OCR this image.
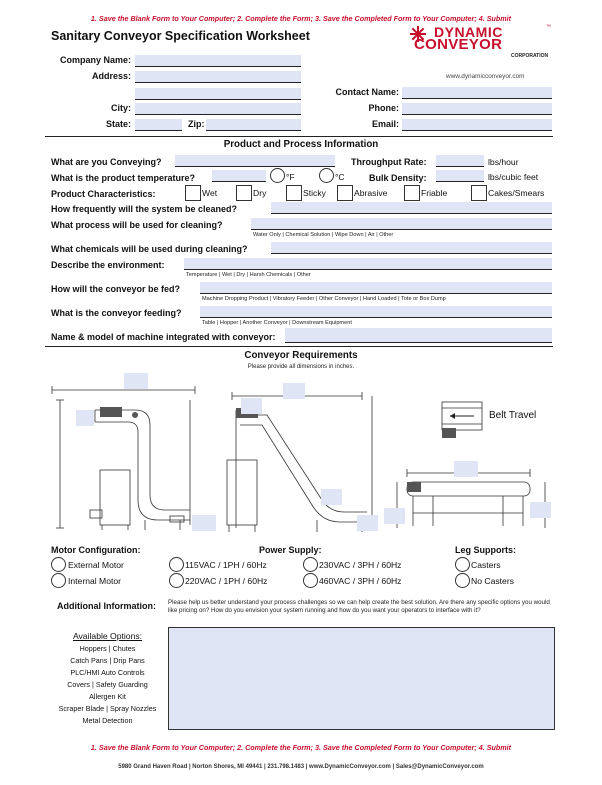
1. Save the Blank Form to Your Computer; 2. Complete the Form; 3. Save the Completed Form to Your Computer; 4. Submit
Sanitary Conveyor Specification Worksheet	DYNAMIC	™
CONVEYOR
CORPORATION
www.dynamicconveyor.com
Company Name:
Address:
City:
State:	Zip:
Contact Name:
Phone:
Email:
Product and Process Information
What are you Conveying?	Throughput Rate:	lbs/hour
What is the product temperature?	°F	°C	Bulk Density:	lbs/cubic feet
Product Characteristics:	Wet	Dry	Sticky	Abrasive	Friable	Cakes/Smears
How frequently will the system be cleaned?
What process will be used for cleaning?
Water Only | Chemical Solution | Wipe Down | Air | Other
What chemicals will be used during cleaning?
Describe the environment:
Temperature | Wet | Dry | Harsh Chemicals | Other
How will the conveyor be fed?
Machine Dropping Product | Vibratory Feeder | Other Conveyor | Hand Loaded | Tote or Box Dump
What is the conveyor feeding?
Table | Hopper | Another Conveyor | Downstream Equipment
Name & model of machine integrated with conveyor:
Conveyor Requirements
Please provide all dimensions in inches.
Belt Travel
Motor Configuration:
External Motor
Internal Motor
Power Supply:
115VAC / 1PH / 60Hz
220VAC / 1PH / 60Hz
230VAC / 3PH / 60Hz
460VAC / 3PH / 60Hz
Leg Supports:
Casters
No Casters
Additional Information: Please help us better understand your process challenges so we can help create the best solution. Are there any specific options you would like pricing on? How do you envision your system running and how do you want your operators to interface with it?
Available Options:
Hoppers | Chutes
Catch Pans | Drip Pans
PLC/HMI Auto Controls
Covers | Safety Guarding
Allergen Kit
Scraper Blade | Spray Nozzles
Metal Detection
1. Save the Blank Form to Your Computer; 2. Complete the Form; 3. Save the Completed Form to Your Computer; 4. Submit
5980 Grand Haven Road | Norton Shores, MI 49441 | 231.798.1483 | www.DynamicConveyor.com | Sales@DynamicConveyor.com
